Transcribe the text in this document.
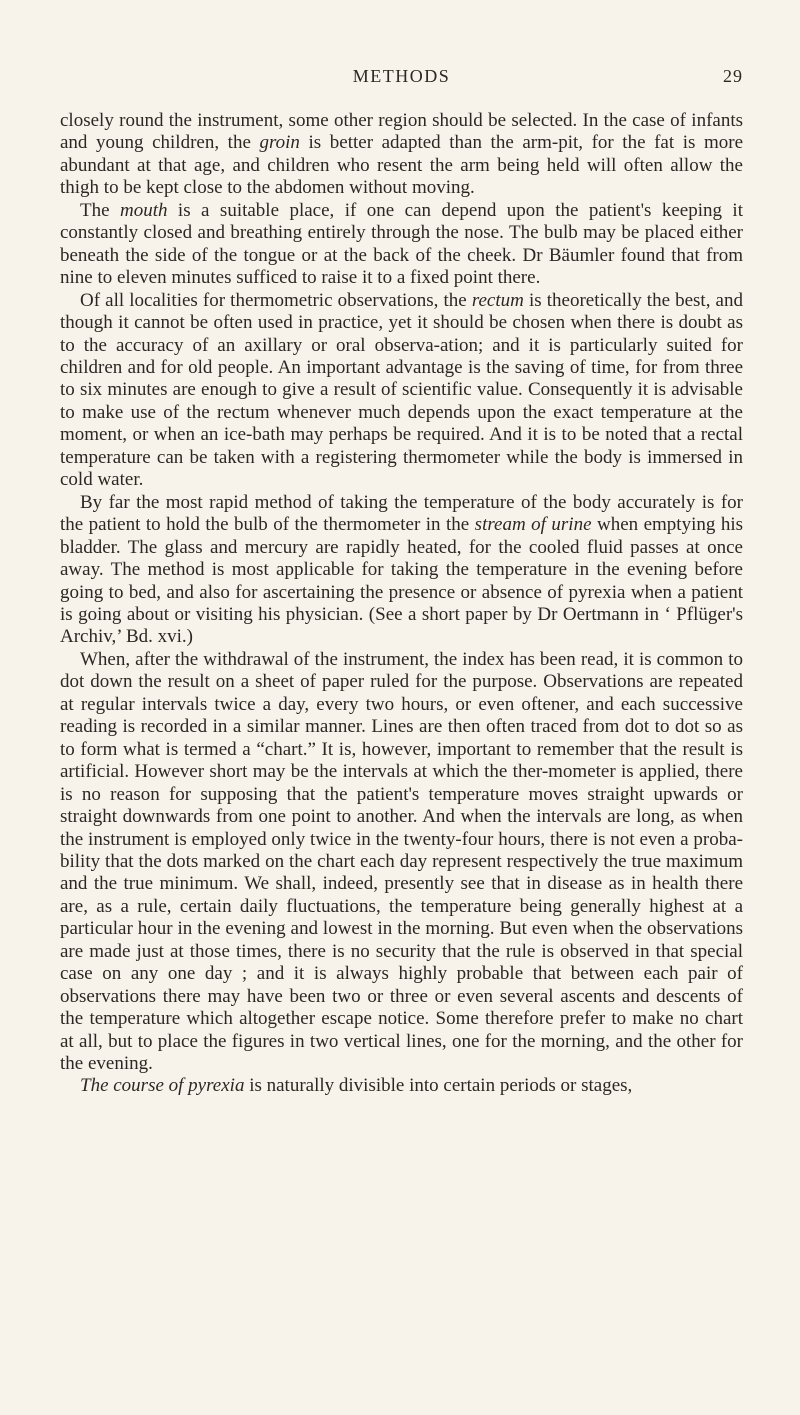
METHODS	29

closely round the instrument, some other region should be selected. In the case of infants and young children, the groin is better adapted than the arm-pit, for the fat is more abundant at that age, and children who resent the arm being held will often allow the thigh to be kept close to the abdomen without moving.

The mouth is a suitable place, if one can depend upon the patient's keeping it constantly closed and breathing entirely through the nose. The bulb may be placed either beneath the side of the tongue or at the back of the cheek. Dr Bäumler found that from nine to eleven minutes sufficed to raise it to a fixed point there.

Of all localities for thermometric observations, the rectum is theoretically the best, and though it cannot be often used in practice, yet it should be chosen when there is doubt as to the accuracy of an axillary or oral observa-ation; and it is particularly suited for children and for old people. An important advantage is the saving of time, for from three to six minutes are enough to give a result of scientific value. Consequently it is advisable to make use of the rectum whenever much depends upon the exact temperature at the moment, or when an ice-bath may perhaps be required. And it is to be noted that a rectal temperature can be taken with a registering thermometer while the body is immersed in cold water.

By far the most rapid method of taking the temperature of the body accurately is for the patient to hold the bulb of the thermometer in the stream of urine when emptying his bladder. The glass and mercury are rapidly heated, for the cooled fluid passes at once away. The method is most applicable for taking the temperature in the evening before going to bed, and also for ascertaining the presence or absence of pyrexia when a patient is going about or visiting his physician. (See a short paper by Dr Oertmann in ‘ Pflüger's Archiv,’ Bd. xvi.)

When, after the withdrawal of the instrument, the index has been read, it is common to dot down the result on a sheet of paper ruled for the purpose. Observations are repeated at regular intervals twice a day, every two hours, or even oftener, and each successive reading is recorded in a similar manner. Lines are then often traced from dot to dot so as to form what is termed a “chart.” It is, however, important to remember that the result is artificial. However short may be the intervals at which the ther-mometer is applied, there is no reason for supposing that the patient's temperature moves straight upwards or straight downwards from one point to another. And when the intervals are long, as when the instrument is employed only twice in the twenty-four hours, there is not even a proba-bility that the dots marked on the chart each day represent respectively the true maximum and the true minimum. We shall, indeed, presently see that in disease as in health there are, as a rule, certain daily fluctuations, the temperature being generally highest at a particular hour in the evening and lowest in the morning. But even when the observations are made just at those times, there is no security that the rule is observed in that special case on any one day ; and it is always highly probable that between each pair of observations there may have been two or three or even several ascents and descents of the temperature which altogether escape notice. Some therefore prefer to make no chart at all, but to place the figures in two vertical lines, one for the morning, and the other for the evening.

The course of pyrexia is naturally divisible into certain periods or stages,
